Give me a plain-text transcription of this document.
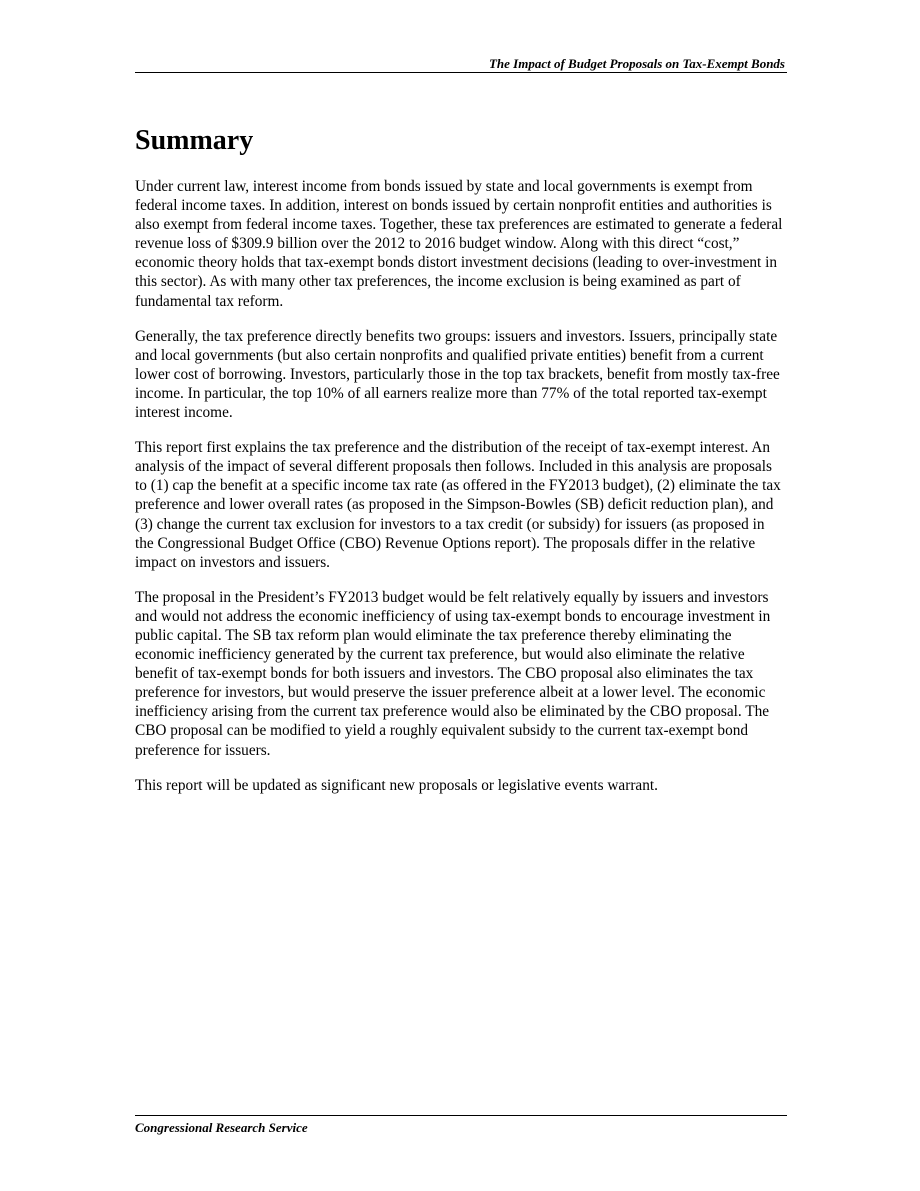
The Impact of Budget Proposals on Tax-Exempt Bonds
Summary

Under current law, interest income from bonds issued by state and local governments is exempt from federal income taxes. In addition, interest on bonds issued by certain nonprofit entities and authorities is also exempt from federal income taxes. Together, these tax preferences are estimated to generate a federal revenue loss of $309.9 billion over the 2012 to 2016 budget window. Along with this direct “cost,” economic theory holds that tax-exempt bonds distort investment decisions (leading to over-investment in this sector). As with many other tax preferences, the income exclusion is being examined as part of fundamental tax reform.

Generally, the tax preference directly benefits two groups: issuers and investors. Issuers, principally state and local governments (but also certain nonprofits and qualified private entities) benefit from a current lower cost of borrowing. Investors, particularly those in the top tax brackets, benefit from mostly tax-free income. In particular, the top 10% of all earners realize more than 77% of the total reported tax-exempt interest income.

This report first explains the tax preference and the distribution of the receipt of tax-exempt interest. An analysis of the impact of several different proposals then follows. Included in this analysis are proposals to (1) cap the benefit at a specific income tax rate (as offered in the FY2013 budget), (2) eliminate the tax preference and lower overall rates (as proposed in the Simpson-Bowles (SB) deficit reduction plan), and (3) change the current tax exclusion for investors to a tax credit (or subsidy) for issuers (as proposed in the Congressional Budget Office (CBO) Revenue Options report). The proposals differ in the relative impact on investors and issuers.

The proposal in the President’s FY2013 budget would be felt relatively equally by issuers and investors and would not address the economic inefficiency of using tax-exempt bonds to encourage investment in public capital. The SB tax reform plan would eliminate the tax preference thereby eliminating the economic inefficiency generated by the current tax preference, but would also eliminate the relative benefit of tax-exempt bonds for both issuers and investors. The CBO proposal also eliminates the tax preference for investors, but would preserve the issuer preference albeit at a lower level. The economic inefficiency arising from the current tax preference would also be eliminated by the CBO proposal. The CBO proposal can be modified to yield a roughly equivalent subsidy to the current tax-exempt bond preference for issuers.

This report will be updated as significant new proposals or legislative events warrant.

Congressional Research Service
